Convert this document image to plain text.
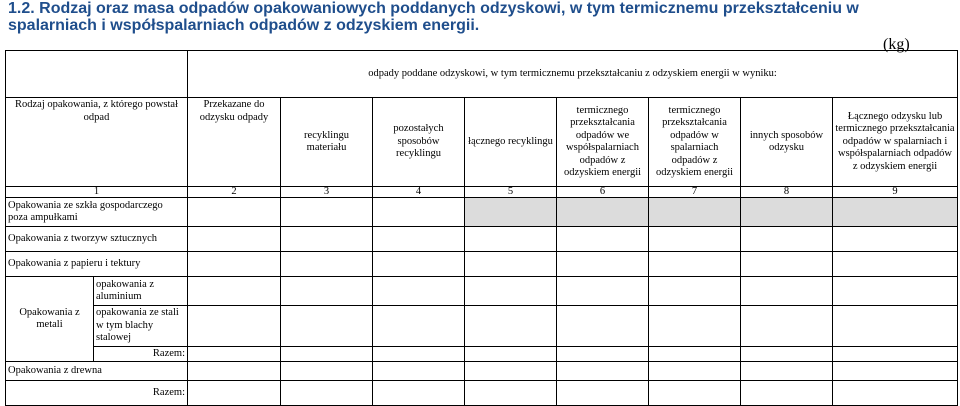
1.2. Rodzaj oraz masa odpadów opakowaniowych poddanych odzyskowi, w tym termicznemu przekształceniu w spalarniach i współspalarniach odpadów z odzyskiem energii.
(kg)
		odpady poddane odzyskowi, w tym termicznemu przekształcaniu z odzyskiem energii w wyniku:							
Rodzaj opakowania, z którego powstał odpad		Przekazane do odzysku odpady	recyklingu materiału	pozostałych sposobów recyklingu	łącznego recyklingu	termicznego przekształcania odpadów we współspalarniach odpadów z odzyskiem energii	termicznego przekształcania odpadów w spalarniach odpadów z odzyskiem energii	innych sposobów odzysku	Łącznego odzysku lub termicznego przekształcania odpadów w spalarniach i współspalarniach odpadów z odzyskiem energii
1		2	3	4	5	6	7	8	9
Opakowania ze szkła gospodarczego poza ampułkami									
Opakowania z tworzyw sztucznych									
Opakowania z papieru i tektury									
Opakowania z metali	opakowania z aluminium								
	opakowania ze stali w tym blachy stalowej								
	Razem:								
Opakowania z drewna									
Razem:									
